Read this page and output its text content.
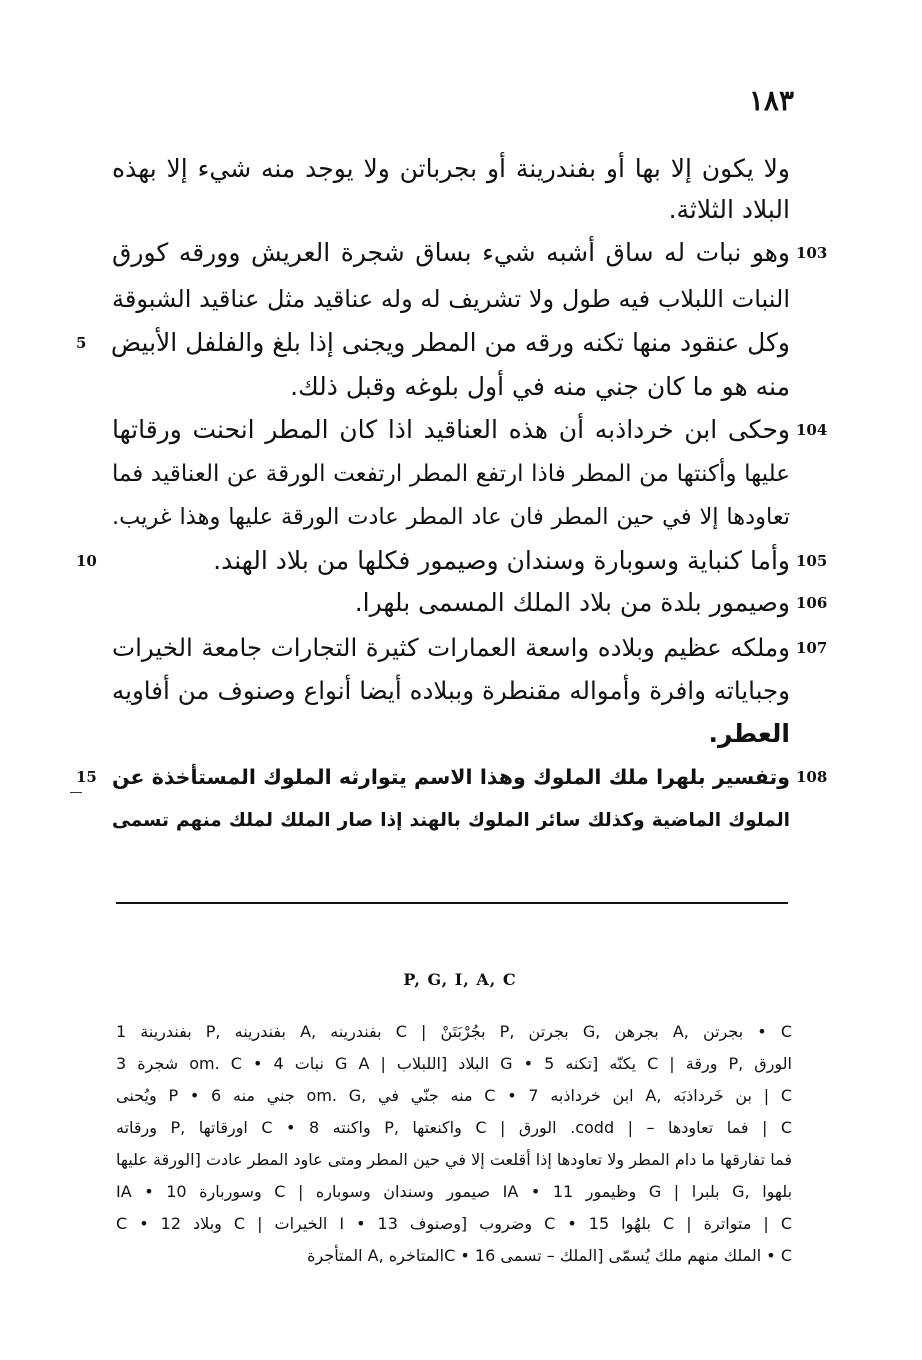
١٨٣
ولا يكون إلا بها أو بفندرينة أو بجرباتن ولا يوجد منه شيء إلا بهذه
البلاد الثلاثة.
وهو نبات له ساق أشبه شيء بساق شجرة العريش وورقه كورق
النبات اللبلاب فيه طول ولا تشريف له وله عناقيد مثل عناقيد الشبوقة
وكل عنقود منها تكنه ورقه من المطر ويجنى إذا بلغ والفلفل الأبيض
منه هو ما كان جني منه في أول بلوغه وقبل ذلك.
وحكى ابن خرداذبه أن هذه العناقيد اذا كان المطر انحنت ورقاتها
عليها وأكنتها من المطر فاذا ارتفع المطر ارتفعت الورقة عن العناقيد فما
تعاودها إلا في حين المطر فان عاد المطر عادت الورقة عليها وهذا غريب.
وأما كنباية وسوبارة وسندان وصيمور فكلها من بلاد الهند.
وصيمور بلدة من بلاد الملك المسمى بلهرا.
وملكه عظيم وبلاده واسعة العمارات كثيرة التجارات جامعة الخيرات
وجباياته وافرة وأمواله مقنطرة وببلاده أيضا أنواع وصنوف من أفاويه
العطر.
وتفسير بلهرا ملك الملوك وهذا الاسم يتوارثه الملوك المستأخذة عن
الملوك الماضية وكذلك سائر الملوك بالهند إذا صار الملك لملك منهم تسمى
103
104
105
106
107
108
5
10
15
P, G, I, A, C
C • بجرتن ,A بجرهن ,G بجرتن ,P بجُرْبَتَنْ | C بفندرينه ,A بفندرينه ,P بفندرينة 1
الورق ,P ورقة | C يكنّه [تكنه 5 • G البلاد [اللبلاب | G A نبات 4 • om. C شجرة 3
C | بن خَرداذبَه ,A ابن خرداذبه 7 • C منه جنّي في ,om. G جني منه 6 • P ويُحنى
C | فما تعاودها – | codd. الورق | C واكنعتها ,P واكنته 8 • C اورقاتها ,P ورقاته
فما تفارقها ما دام المطر ولا تعاودها إذا أقلعت إلا في حين المطر ومتى عاود المطر عادت [الورقة عليها
بلهوا ,G بلبرا | G وظيمور 11 • IA صيمور وسندان وسوباره | C وسوربارة 10 • IA
C | متواترة | C بلهُوا 15 • C وضروب [وصنوف 13 • I الخيرات | C وبلاد 12 • C
C • الملك منهم ملك يُسمّى [الملك – تسمى 16 • Cالمتاخره ,A المتأجرة
